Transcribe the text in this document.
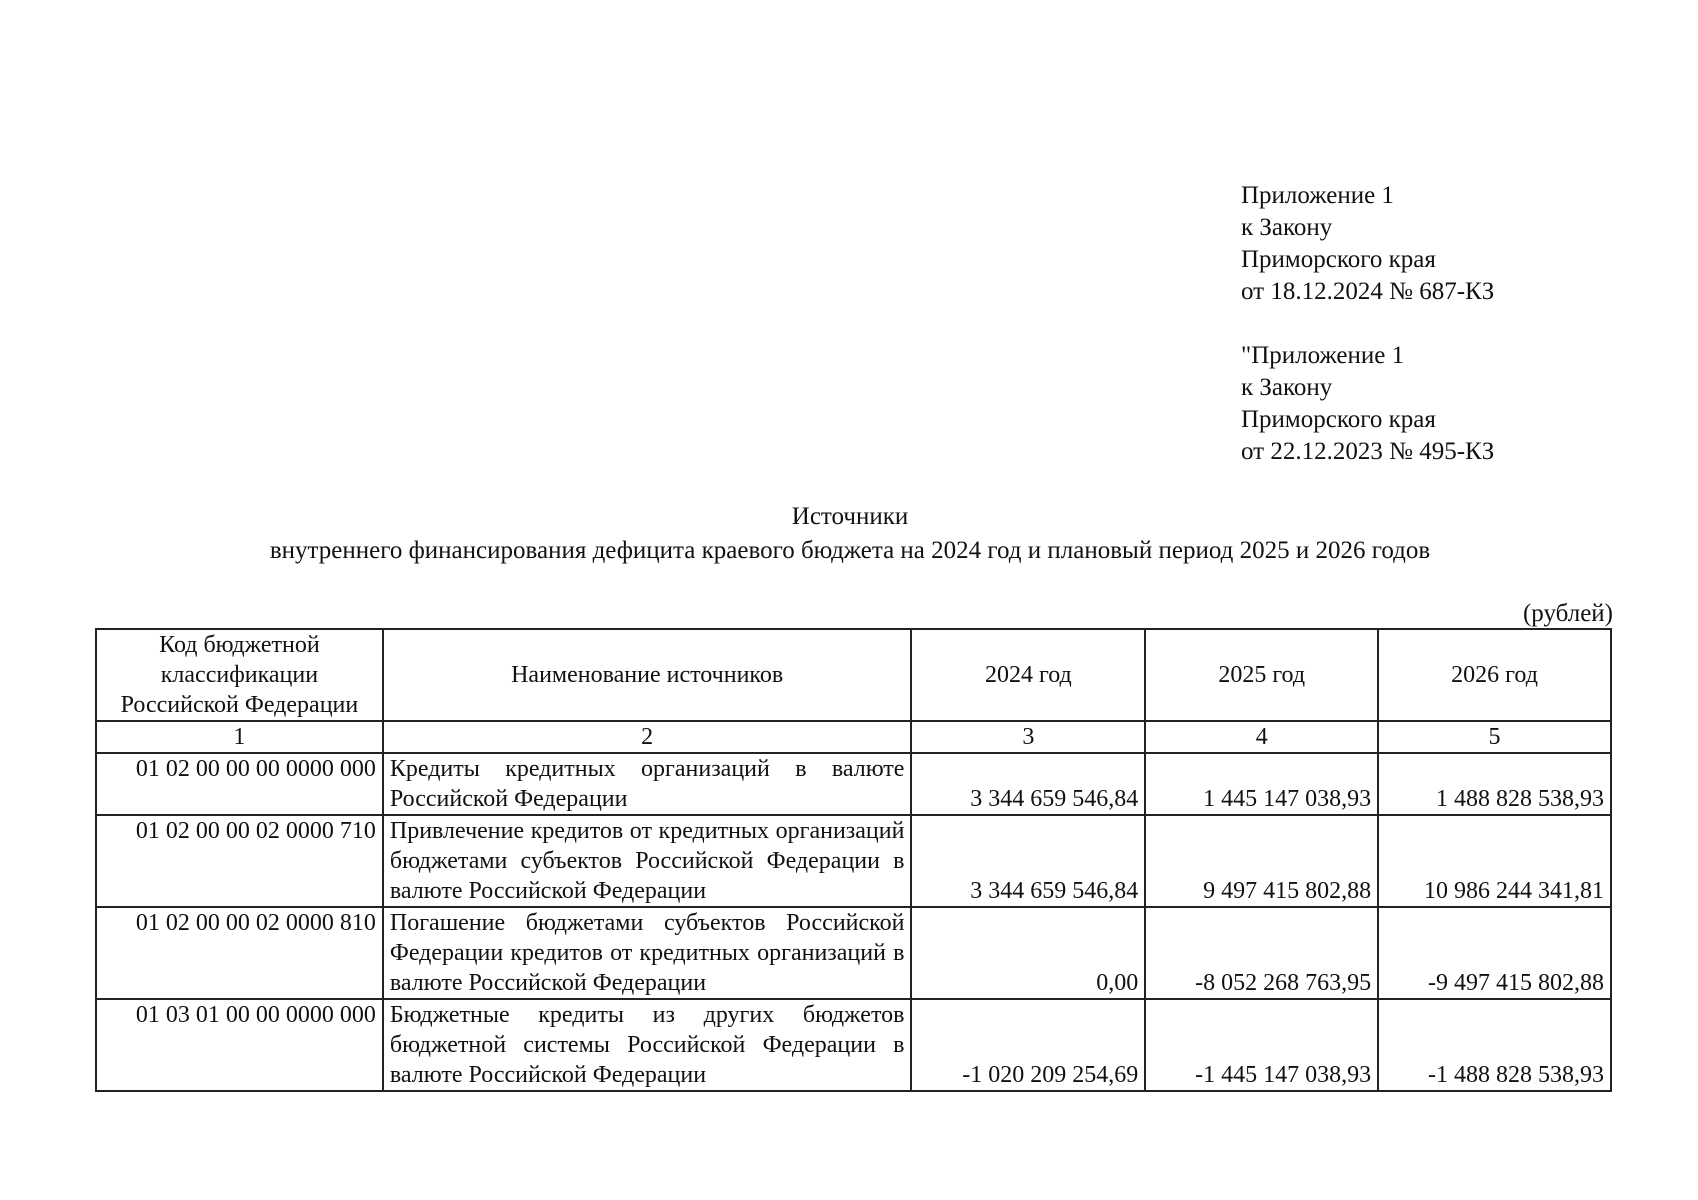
Приложение 1
к Закону
Приморского края
от 18.12.2024 № 687-КЗ
"Приложение 1
к Закону
Приморского края
от 22.12.2023 № 495-КЗ
Источники
внутреннего финансирования дефицита краевого бюджета на 2024 год и плановый период 2025 и 2026 годов
(рублей)
Код бюджетной классификации Российской Федерации	Наименование источников	2024 год	2025 год	2026 год
1	2	3	4	5
01 02 00 00 00 0000 000	Кредиты кредитных организаций в валюте Российской Федерации	3 344 659 546,84	1 445 147 038,93	1 488 828 538,93
01 02 00 00 02 0000 710	Привлечение кредитов от кредитных организаций бюджетами субъектов Российской Федерации в валюте Российской Федерации	3 344 659 546,84	9 497 415 802,88	10 986 244 341,81
01 02 00 00 02 0000 810	Погашение бюджетами субъектов Российской Федерации кредитов от кредитных организаций в валюте Российской Федерации	0,00	-8 052 268 763,95	-9 497 415 802,88
01 03 01 00 00 0000 000	Бюджетные кредиты из других бюджетов бюджетной системы Российской Федерации в валюте Российской Федерации	-1 020 209 254,69	-1 445 147 038,93	-1 488 828 538,93
